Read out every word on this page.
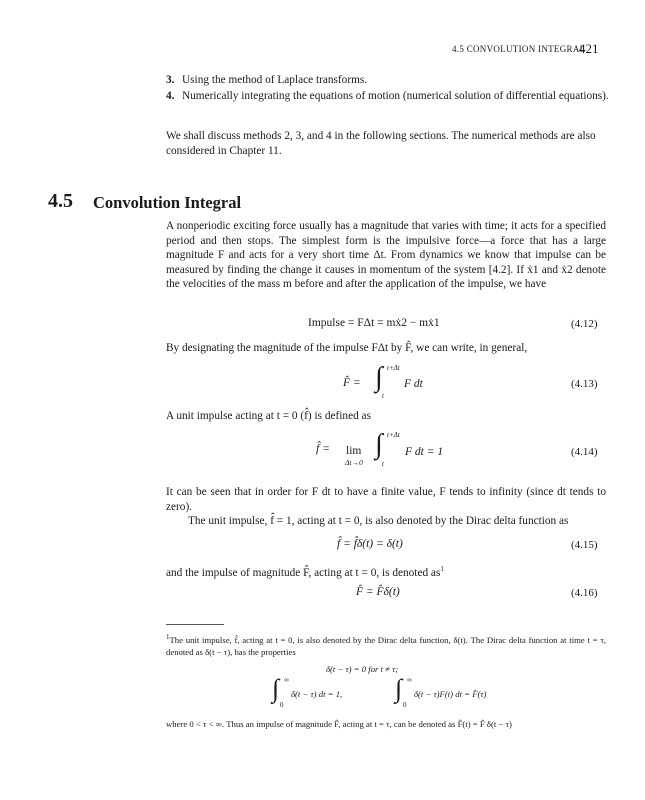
4.5 CONVOLUTION INTEGRAL
421
3. Using the method of Laplace transforms.
4. Numerically integrating the equations of motion (numerical solution of differential equations).
We shall discuss methods 2, 3, and 4 in the following sections. The numerical methods are also considered in Chapter 11.
4.5 Convolution Integral
A nonperiodic exciting force usually has a magnitude that varies with time; it acts for a specified period and then stops. The simplest form is the impulsive force—a force that has a large magnitude F and acts for a very short time Δt. From dynamics we know that impulse can be measured by finding the change it causes in momentum of the system [4.2]. If ẋ1 and ẋ2 denote the velocities of the mass m before and after the application of the impulse, we have
Impulse = FΔt = mẋ2 − mẋ1	(4.12)
By designating the magnitude of the impulse FΔt by F̂, we can write, in general,
F̂ = ∫ t+Δt
t
F dt	(4.13)
A unit impulse acting at t = 0 (f̂) is defined as
f̂ = lim
Δt→0
∫ t+Δt
t
F dt = 1	(4.14)
It can be seen that in order for F dt to have a finite value, F tends to infinity (since dt tends to zero).
The unit impulse, f̂ = 1, acting at t = 0, is also denoted by the Dirac delta function as
f̂ = f̂δ(t) = δ(t)	(4.15)
and the impulse of magnitude F̂, acting at t = 0, is denoted $as^1$
F̂ = F̂δ(t)	(4.16)
$^1$The unit impulse, f̂, acting at t = 0, is also denoted by the Dirac delta function, δ(t). The Dirac delta function at time t = τ, denoted as δ(t − τ), has the properties
δ(t − τ) = 0 for t ≠ τ;
∫ ∞
0
δ(t − τ) dt = 1, ∫ ∞
0
δ(t − τ)F(t) dt = F̂(τ)
where 0 < τ < ∞. Thus an impulse of magnitude F̂, acting at t = τ, can be denoted as F̂(t) = F̂ δ(t − τ)
